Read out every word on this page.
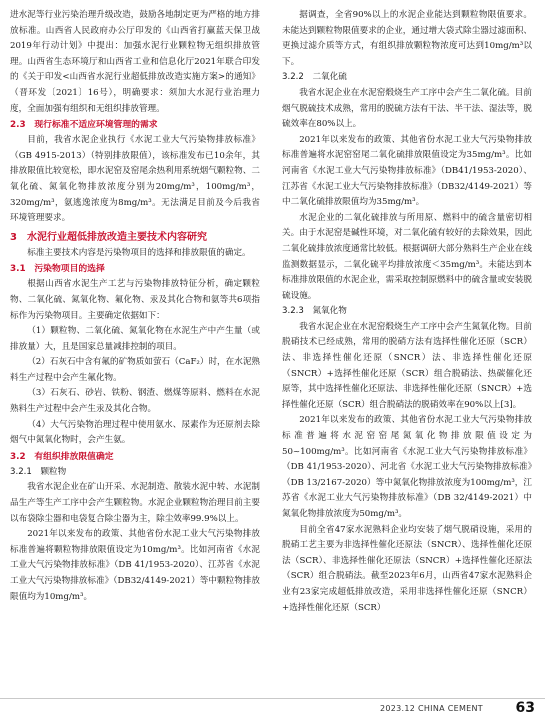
进水泥等行业污染治理升级改造，鼓励各地制定更为严格的地方排放标准。山西省人民政府办公厅印发的《山西省打赢蓝天保卫战2019年行动计划》中提出：加强水泥行业颗粒物无组织排放管理。山西省生态环境厅和山西省工业和信息化厅2021年联合印发的《关于印发<山西省水泥行业超低排放改造实施方案>的通知》（晋环发〔2021〕16号），明确要求：须加大水泥行业治理力度，全面加强有组织和无组织排放管理。

2.3　现行标准不适应环境管理的需求

目前，我省水泥企业执行《水泥工业大气污染物排放标准》（GB 4915-2013）（特别排放限值），该标准发布已10余年，其排放限值比较宽松，即水泥窑及窑尾余热利用系统烟气颗粒物、二氧化硫、氮氧化物排放浓度分别为20mg/m³，100mg/m³，320mg/m³，氨逃逸浓度为8mg/m³。无法满足目前及今后我省环境管理要求。

3　水泥行业超低排放改造主要技术内容研究

标准主要技术内容是污染物项目的选择和排放限值的确定。

3.1　污染物项目的选择

根据山西省水泥生产工艺与污染物排放特征分析，确定颗粒物、二氧化硫、氮氧化物、氟化物、汞及其化合物和氨等共6项指标作为污染物项目。主要确定依据如下：

（1）颗粒物、二氧化硫、氮氧化物在水泥生产中产生量（或排放量）大，且是国家总量减排控制的项目。

（2）石灰石中含有氟的矿物质如萤石（CaF₂）时，在水泥熟料生产过程中会产生氟化物。

（3）石灰石、砂岩、铁粉、钢渣、燃煤等原料、燃料在水泥熟料生产过程中会产生汞及其化合物。

（4）大气污染物治理过程中使用氨水、尿素作为还原剂去除烟气中氮氧化物时，会产生氨。

3.2　有组织排放限值确定
3.2.1　颗粒物

我省水泥企业在矿山开采、水泥制造、散装水泥中转、水泥制品生产等生产工序中会产生颗粒物。水泥企业颗粒物治理目前主要以布袋除尘器和电袋复合除尘器为主，除尘效率99.9%以上。

2021年以来发布的政策、其他省份水泥工业大气污染物排放标准普遍将颗粒物排放限值设定为10mg/m³。比如河南省《水泥工业大气污染物排放标准》（DB 41/1953-2020）、江苏省《水泥工业大气污染物排放标准》（DB32/4149-2021）等中颗粒物排放限值均为10mg/m³。

据调查，全省90%以上的水泥企业能达到颗粒物限值要求。未能达到颗粒物限值要求的企业，通过增大袋式除尘器过滤面积、更换过滤介质等方式，有组织排放颗粒物浓度可达到10mg/m³以下。

3.2.2　二氧化硫

我省水泥企业在水泥窑煅烧生产工序中会产生二氧化硫。目前烟气脱硫技术成熟，常用的脱硫方法有干法、半干法、湿法等，脱硫效率在80%以上。

2021年以来发布的政策、其他省份水泥工业大气污染物排放标准普遍将水泥窑窑尾二氧化硫排放限值设定为35mg/m³。比如河南省《水泥工业大气污染物排放标准》（DB41/1953-2020）、江苏省《水泥工业大气污染物排放标准》（DB32/4149-2021）等中二氧化硫排放限值均为35mg/m³。

水泥企业的二氧化硫排放与所用原、燃料中的硫含量密切相关。由于水泥窑是碱性环境，对二氧化硫有较好的去除效果，因此二氧化硫排放浓度通常比较低。根据调研大部分熟料生产企业在线监测数据显示，二氧化硫平均排放浓度＜35mg/m³。未能达到本标准排放限值的水泥企业，需采取控制原燃料中的硫含量或安装脱硫设施。

3.2.3　氮氧化物

我省水泥企业在水泥窑煅烧生产工序中会产生氮氧化物。目前脱硝技术已经成熟，常用的脱硝方法有选择性催化还原（SCR）法、非选择性催化还原（SNCR）法、非选择性催化还原（SNCR）+选择性催化还原（SCR）组合脱硝法、热碳催化还原等，其中选择性催化还原法、非选择性催化还原（SNCR）+选择性催化还原（SCR）组合脱硝法的脱硝效率在90%以上[3]。

2021年以来发布的政策、其他省份水泥工业大气污染物排放标准普遍将水泥窑窑尾氮氧化物排放限值设定为50~100mg/m³。比如河南省《水泥工业大气污染物排放标准》（DB 41/1953-2020）、河北省《水泥工业大气污染物排放标准》（DB 13/2167-2020）等中氮氧化物排放浓度为100mg/m³，江苏省《水泥工业大气污染物排放标准》（DB 32/4149-2021）中氮氧化物排放浓度为50mg/m³。

目前全省47家水泥熟料企业均安装了烟气脱硝设施，采用的脱硝工艺主要为非选择性催化还原法（SNCR）、选择性催化还原法（SCR）、非选择性催化还原法（SNCR）+选择性催化还原法（SCR）组合脱硝法。截至2023年6月，山西省47家水泥熟料企业有23家完成超低排放改造，采用非选择性催化还原（SNCR）+选择性催化还原（SCR）

2023.12 CHINA CEMENT 63
